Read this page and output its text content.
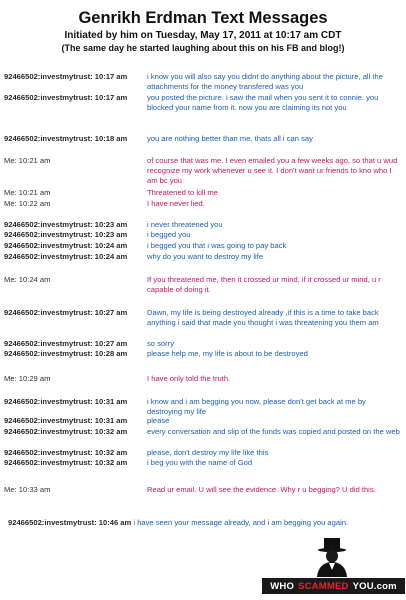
Genrikh Erdman Text Messages
Initiated by him on Tuesday, May 17, 2011 at 10:17 am CDT
(The same day he started laughing about this on his FB and blog!)
92466502:investmytrust: 10:17 am	i know you will also say you didnt do anything about the picture, all the attachments for the money transfered was you
92466502:investmytrust: 10:17 am	you posted the picture. i saw the mail when you sent it to connie. you blocked your name from it. now you are claiming its not you
92466502:investmytrust: 10:18 am	you are nothing better than me. thats all i can say
Me: 10:21 am	of course that was me. I even emailed you a few weeks ago, so that u wud recognize my work whenever u see it. I don't want ur friends to kno who I am bc you
Me: 10:21 am	Threatened to kill me
Me: 10:22 am	I have never lied.
92466502:investmytrust: 10:23 am	i never threatened you
92466502:investmytrust: 10:23 am	i begged you
92466502:investmytrust: 10:24 am	i begged you that i was going to pay back
92466502:investmytrust: 10:24 am	why do you want to destroy my life
Me: 10:24 am	If you threatened me, then it crossed ur mind, if it crossed ur mind, u r capable of doing it.
92466502:investmytrust: 10:27 am	Dawn, my life is being destroyed already ,if this is a time to take back anything i said that made you thought i was threatening you them am
92466502:investmytrust: 10:27 am	so sorry
92466502:investmytrust: 10:28 am	please help me, my life is about to be destroyed
Me: 10:29 am	I have only told the truth.
92466502:investmytrust: 10:31 am	i know and i am begging you now, please don't get back at me by destroying my life
92466502:investmytrust: 10:31 am	please
92466502:investmytrust: 10:32 am	every conversation and slip of the funds was copied and posted on the web
92466502:investmytrust: 10:32 am	please, don't destroy my life like this
92466502:investmytrust: 10:32 am	i beg you with the name of God
Me: 10:33 am	Read ur email. U will see the evidence. Why r u begging? U did this.
92466502:investmytrust: 10:46 am i have seen your message already, and i am begging you again.
WHO SCAMMED YOU.com
